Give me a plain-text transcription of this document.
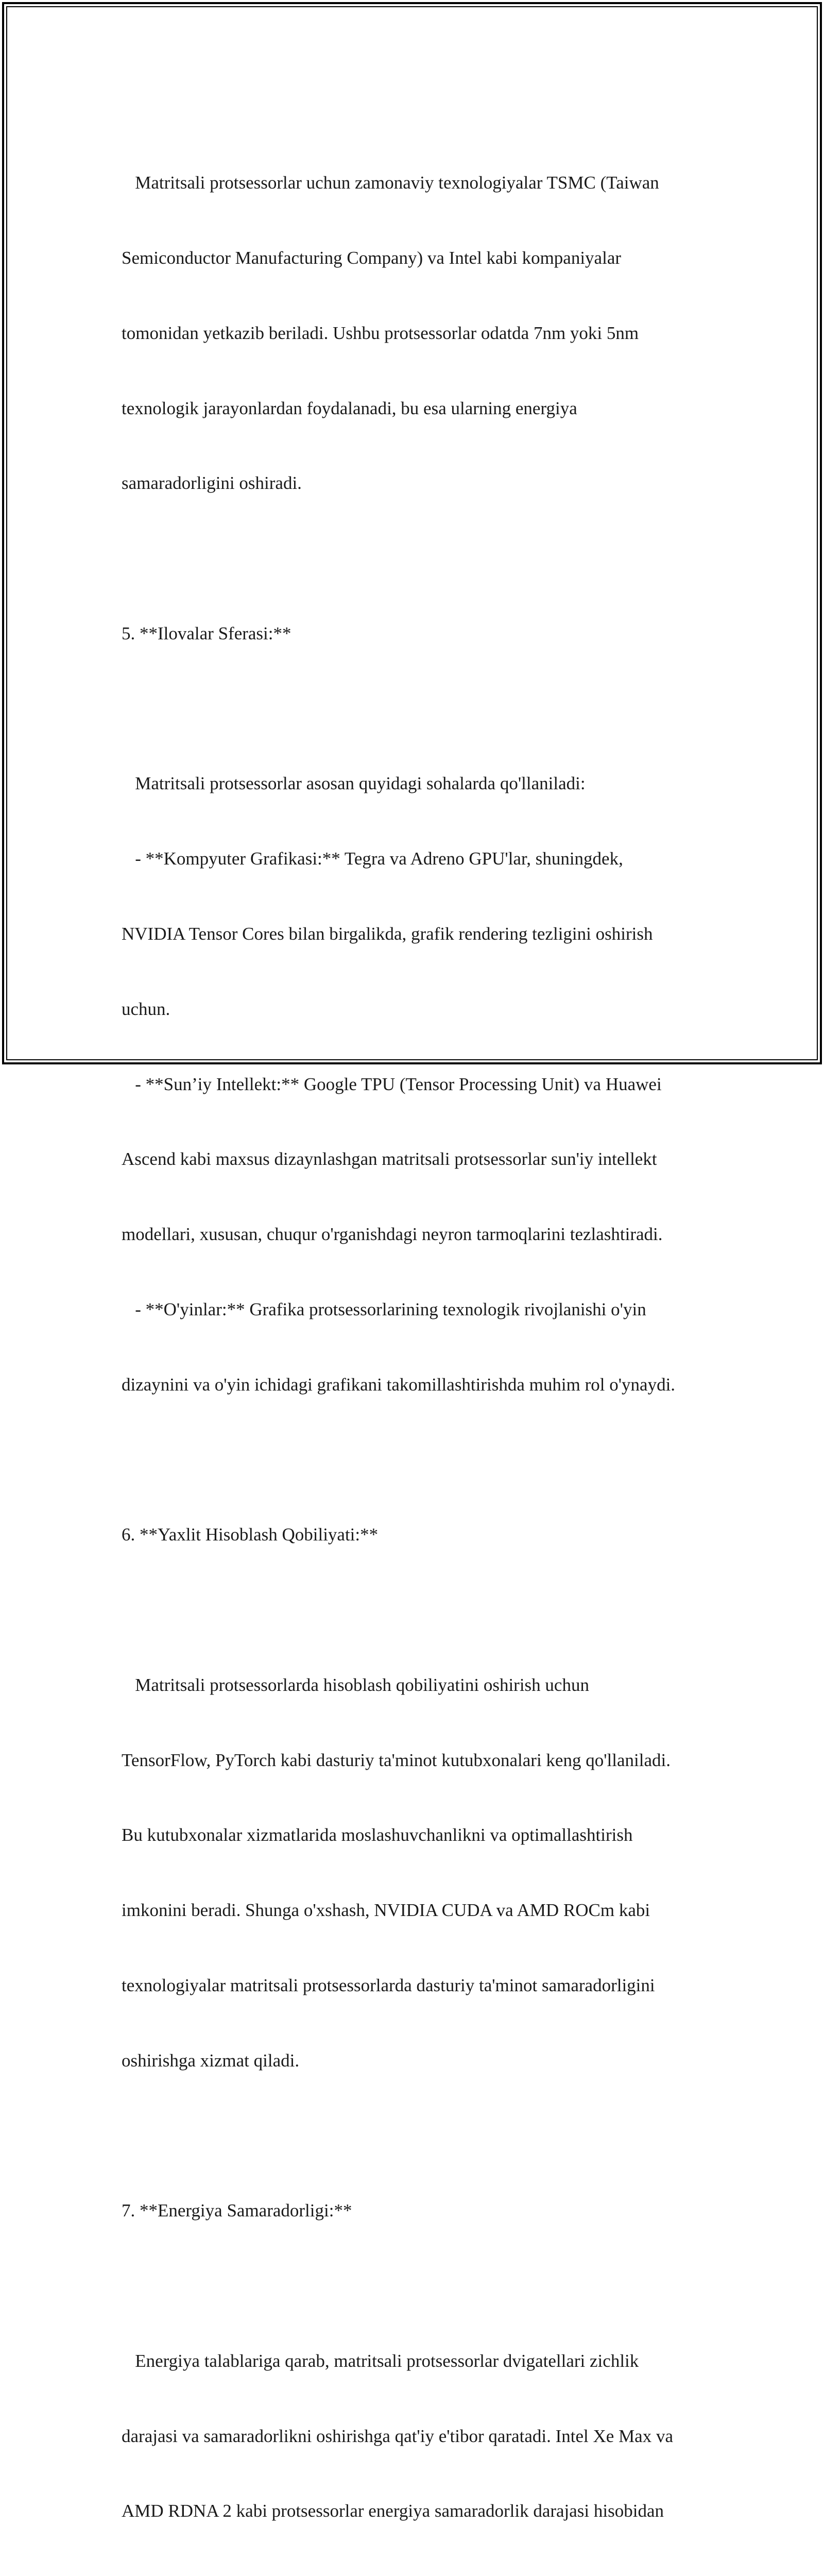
Matritsali protsessorlar uchun zamonaviy texnologiyalar TSMC (Taiwan

Semiconductor Manufacturing Company) va Intel kabi kompaniyalar

tomonidan yetkazib beriladi. Ushbu protsessorlar odatda 7nm yoki 5nm

texnologik jarayonlardan foydalanadi, bu esa ularning energiya

samaradorligini oshiradi.

5. **Ilovalar Sferasi:**

Matritsali protsessorlar asosan quyidagi sohalarda qo'llaniladi:

- **Kompyuter Grafikasi:** Tegra va Adreno GPU'lar, shuningdek,

NVIDIA Tensor Cores bilan birgalikda, grafik rendering tezligini oshirish

uchun.

- **Sun’iy Intellekt:** Google TPU (Tensor Processing Unit) va Huawei

Ascend kabi maxsus dizaynlashgan matritsali protsessorlar sun'iy intellekt

modellari, xususan, chuqur o'rganishdagi neyron tarmoqlarini tezlashtiradi.

- **O'yinlar:** Grafika protsessorlarining texnologik rivojlanishi o'yin

dizaynini va o'yin ichidagi grafikani takomillashtirishda muhim rol o'ynaydi.

6. **Yaxlit Hisoblash Qobiliyati:**

Matritsali protsessorlarda hisoblash qobiliyatini oshirish uchun

TensorFlow, PyTorch kabi dasturiy ta'minot kutubxonalari keng qo'llaniladi.

Bu kutubxonalar xizmatlarida moslashuvchanlikni va optimallashtirish

imkonini beradi. Shunga o'xshash, NVIDIA CUDA va AMD ROCm kabi

texnologiyalar matritsali protsessorlarda dasturiy ta'minot samaradorligini

oshirishga xizmat qiladi.

7. **Energiya Samaradorligi:**

Energiya talablariga qarab, matritsali protsessorlar dvigatellari zichlik

darajasi va samaradorlikni oshirishga qat'iy e'tibor qaratadi. Intel Xe Max va

AMD RDNA 2 kabi protsessorlar energiya samaradorlik darajasi hisobidan
